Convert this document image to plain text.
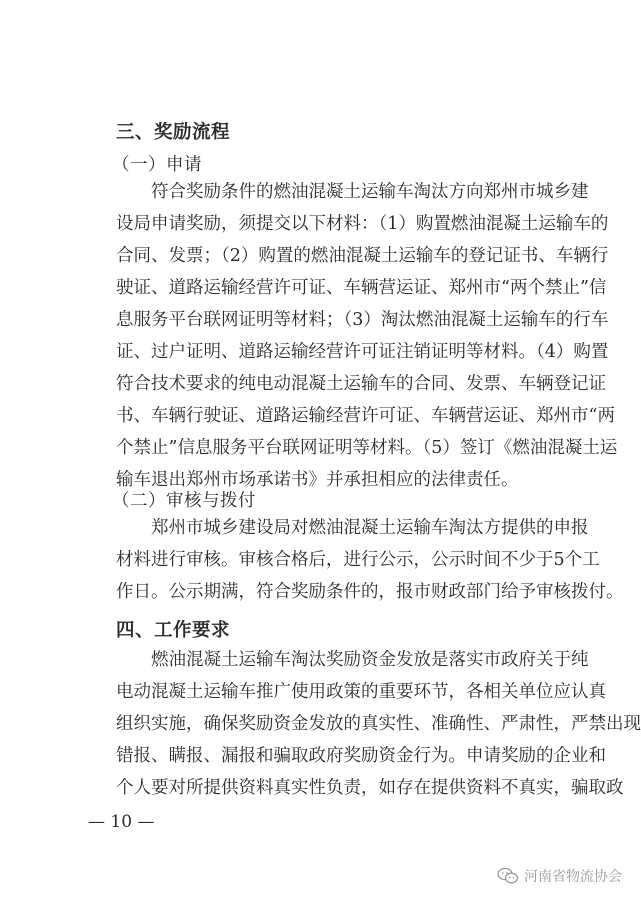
三、奖励流程
（一）申请
符合奖励条件的燃油混凝土运输车淘汰方向郑州市城乡建
设局申请奖励，须提交以下材料：（1）购置燃油混凝土运输车的
合同、发票；（2）购置的燃油混凝土运输车的登记证书、车辆行
驶证、道路运输经营许可证、车辆营运证、郑州市“两个禁止”信
息服务平台联网证明等材料；（3）淘汰燃油混凝土运输车的行车
证、过户证明、道路运输经营许可证注销证明等材料。（4）购置
符合技术要求的纯电动混凝土运输车的合同、发票、车辆登记证
书、车辆行驶证、道路运输经营许可证、车辆营运证、郑州市“两
个禁止”信息服务平台联网证明等材料。（5）签订《燃油混凝土运
输车退出郑州市场承诺书》并承担相应的法律责任。
（二）审核与拨付
郑州市城乡建设局对燃油混凝土运输车淘汰方提供的申报
材料进行审核。审核合格后，进行公示，公示时间不少于5个工
作日。公示期满，符合奖励条件的，报市财政部门给予审核拨付。
四、工作要求
燃油混凝土运输车淘汰奖励资金发放是落实市政府关于纯
电动混凝土运输车推广使用政策的重要环节，各相关单位应认真
组织实施，确保奖励资金发放的真实性、准确性、严肃性，严禁出现
错报、瞒报、漏报和骗取政府奖励资金行为。申请奖励的企业和
个人要对所提供资料真实性负责，如存在提供资料不真实，骗取政
— 10 —
河南省物流协会
